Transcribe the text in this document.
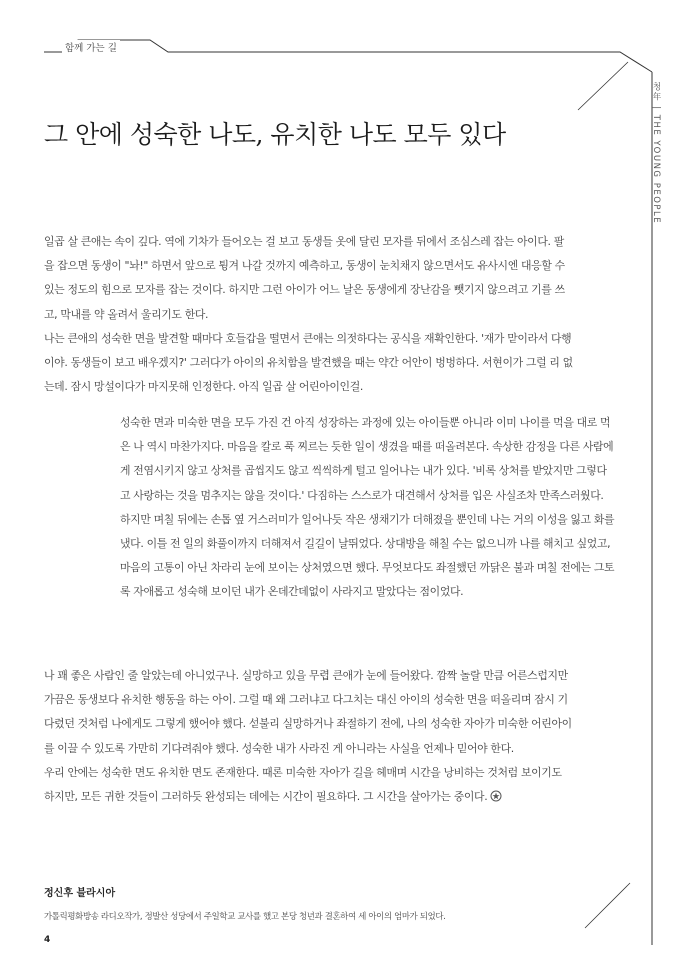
함께 가는 길
청年 | THE YOUNG PEOPLE
그 안에 성숙한 나도, 유치한 나도 모두 있다
일곱 살 큰애는 속이 깊다. 역에 기차가 들어오는 걸 보고 동생들 옷에 달린 모자를 뒤에서 조심스레 잡는 아이다. 팔을 잡으면 동생이 "놔!" 하면서 앞으로 튕겨 나갈 것까지 예측하고, 동생이 눈치채지 않으면서도 유사시엔 대응할 수 있는 정도의 힘으로 모자를 잡는 것이다. 하지만 그런 아이가 어느 날은 동생에게 장난감을 뺏기지 않으려고 기를 쓰고, 막내를 약 올려서 울리기도 한다.
나는 큰애의 성숙한 면을 발견할 때마다 호들갑을 떨면서 큰애는 의젓하다는 공식을 재확인한다. '재가 맏이라서 다행이야. 동생들이 보고 배우겠지?' 그러다가 아이의 유치함을 발견했을 때는 약간 어안이 벙벙하다. 서현이가 그럴 리 없는데. 잠시 망설이다가 마지못해 인정한다. 아직 일곱 살 어린아이인걸.
성숙한 면과 미숙한 면을 모두 가진 건 아직 성장하는 과정에 있는 아이들뿐 아니라 이미 나이를 먹을 대로 먹은 나 역시 마찬가지다. 마음을 칼로 푹 찌르는 듯한 일이 생겼을 때를 떠올려본다. 속상한 감정을 다른 사람에게 전염시키지 않고 상처를 곱씹지도 않고 씩씩하게 털고 일어나는 내가 있다. '비록 상처를 받았지만 그렇다고 사랑하는 것을 멈추지는 않을 것이다.' 다짐하는 스스로가 대견해서 상처를 입은 사실조차 만족스러웠다.
하지만 며칠 뒤에는 손톱 옆 거스러미가 일어나듯 작은 생채기가 더해졌을 뿐인데 나는 거의 이성을 잃고 화를 냈다. 이틀 전 일의 화풀이까지 더해져서 길길이 날뛰었다. 상대방을 해칠 수는 없으니까 나를 해치고 싶었고, 마음의 고통이 아닌 차라리 눈에 보이는 상처였으면 했다. 무엇보다도 좌절했던 까닭은 불과 며칠 전에는 그토록 자애롭고 성숙해 보이던 내가 온데간데없이 사라지고 말았다는 점이었다.
나 꽤 좋은 사람인 줄 알았는데 아니었구나. 실망하고 있을 무렵 큰애가 눈에 들어왔다. 깜짝 놀랄 만큼 어른스럽지만 가끔은 동생보다 유치한 행동을 하는 아이. 그럴 때 왜 그러냐고 다그치는 대신 아이의 성숙한 면을 떠올리며 잠시 기다렸던 것처럼 나에게도 그렇게 했어야 했다. 섣불리 실망하거나 좌절하기 전에, 나의 성숙한 자아가 미숙한 어린아이를 이끌 수 있도록 가만히 기다려줘야 했다. 성숙한 내가 사라진 게 아니라는 사실을 언제나 믿어야 한다.
우리 안에는 성숙한 면도 유치한 면도 존재한다. 때론 미숙한 자아가 길을 헤매며 시간을 낭비하는 것처럼 보이기도 하지만, 모든 귀한 것들이 그러하듯 완성되는 데에는 시간이 필요하다. 그 시간을 살아가는 중이다.
정신후 블라시아
가톨릭평화방송 라디오작가, 정발산 성당에서 주일학교 교사를 했고 본당 청년과 결혼하여 세 아이의 엄마가 되었다.
4
